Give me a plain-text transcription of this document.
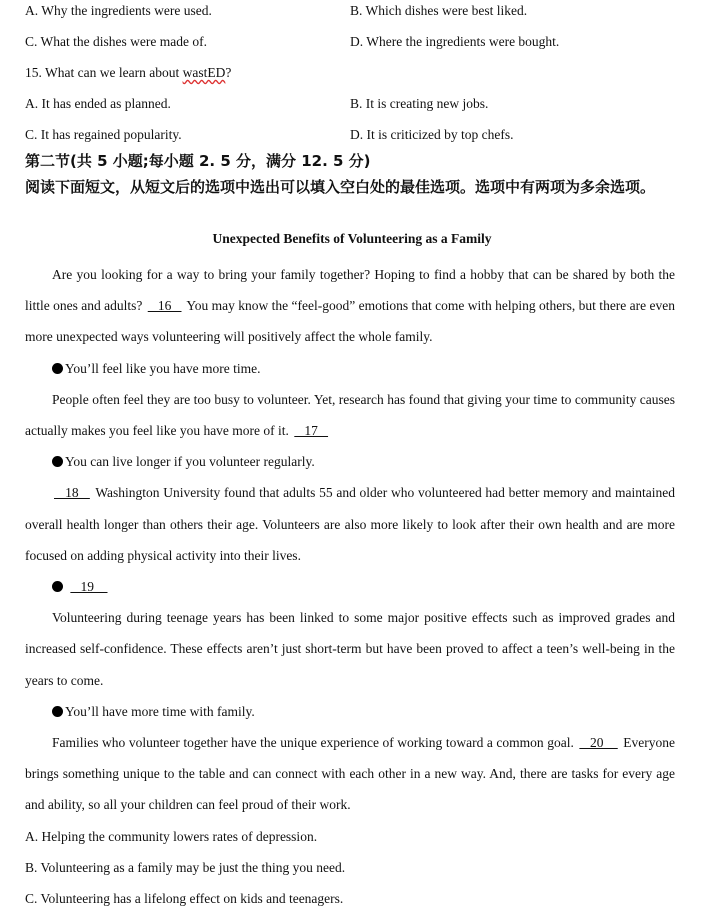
A. Why the ingredients were used.	B. Which dishes were best liked.
C. What the dishes were made of.	D. Where the ingredients were bought.
15. What can we learn about wastED?
A. It has ended as planned.	B. It is creating new jobs.
C. It has regained popularity.	D. It is criticized by top chefs.
第二节(共 5 小题;每小题 2. 5 分，满分 12. 5 分)
阅读下面短文，从短文后的选项中选出可以填入空白处的最佳选项。选项中有两项为多余选项。
Unexpected Benefits of Volunteering as a Family

Are you looking for a way to bring your family together? Hoping to find a hobby that can be shared by both the little ones and adults?    16    You may know the “feel-good” emotions that come with helping others, but there are even more unexpected ways volunteering will positively affect the whole family.

You’ll feel like you have more time.

People often feel they are too busy to volunteer. Yet, research has found that giving your time to community causes actually makes you feel like you have more of it.    17

You can live longer if you volunteer regularly.

18    Washington University found that adults 55 and older who volunteered had better memory and maintained overall health longer than others their age. Volunteers are also more likely to look after their own health and are more focused on adding physical activity into their lives.

19

Volunteering during teenage years has been linked to some major positive effects such as improved grades and increased self-confidence. These effects aren’t just short-term but have been proved to affect a teen’s well-being in the years to come.

You’ll have more time with family.

Families who volunteer together have the unique experience of working toward a common goal.    20     Everyone brings something unique to the table and can connect with each other in a new way. And, there are tasks for every age and ability, so all your children can feel proud of their work.

A. Helping the community lowers rates of depression.

B. Volunteering as a family may be just the thing you need.

C. Volunteering has a lifelong effect on kids and teenagers.
